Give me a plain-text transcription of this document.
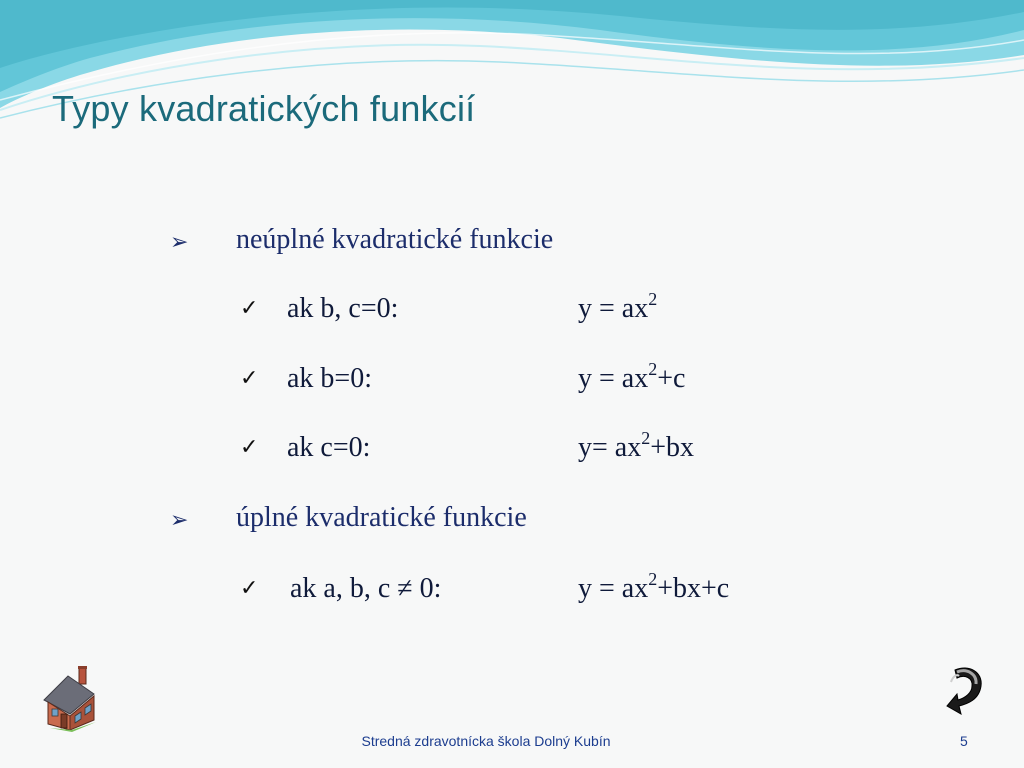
Typy kvadratických funkcií
➢ neúplné kvadratické funkcie
✓ ak b, c=0:	$y = ax^2$
✓ ak b=0:	$y = ax^2+c$
✓ ak c=0:	$y= ax^2+bx$
➢ úplné kvadratické funkcie
✓ ak a, b, c ≠ 0:	$y = ax^2+bx+c$
Stredná zdravotnícka škola Dolný Kubín	5
